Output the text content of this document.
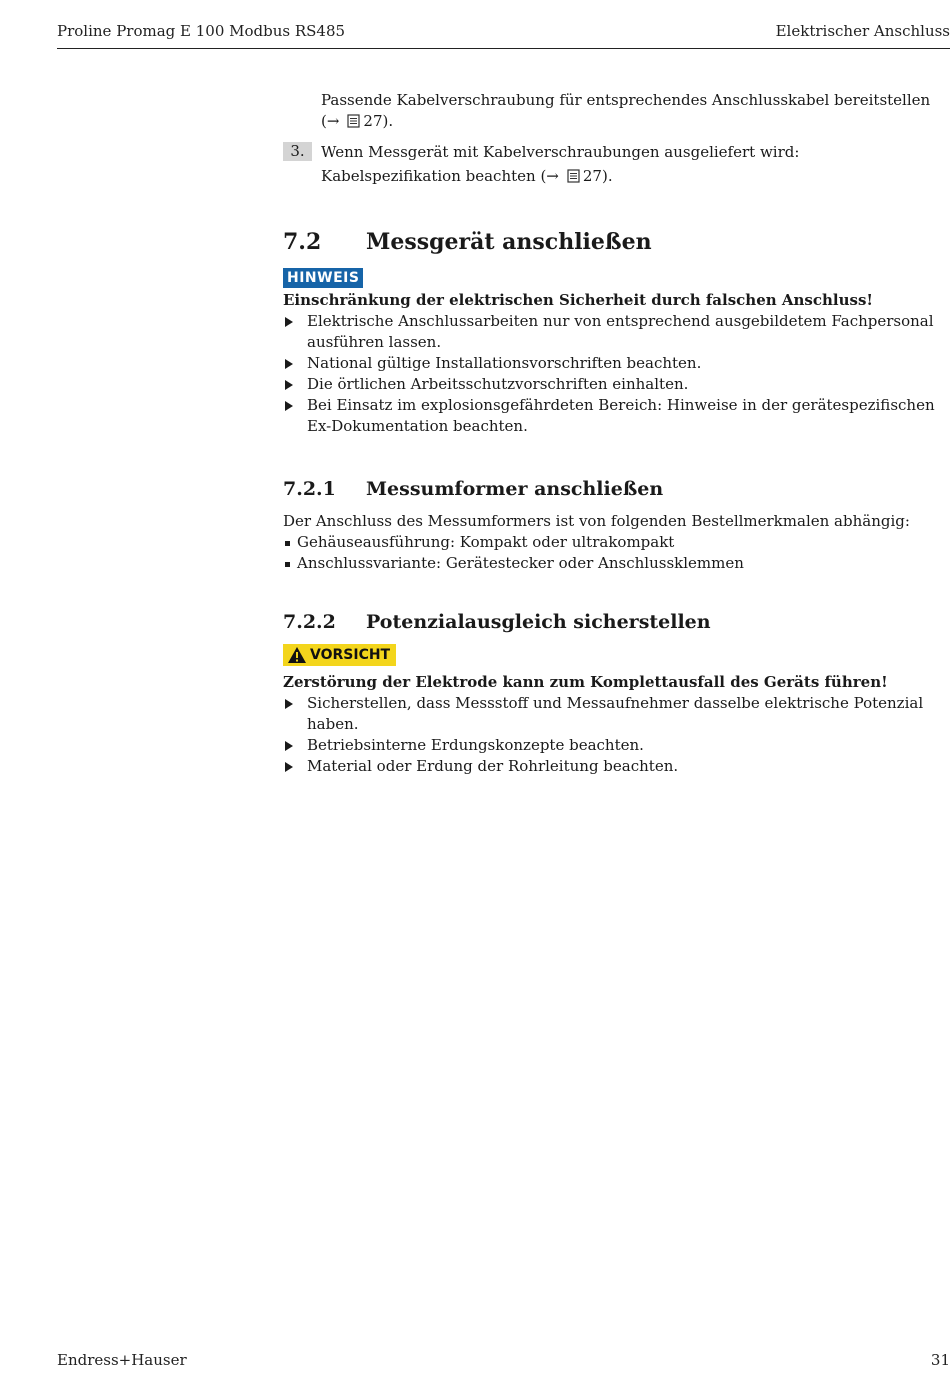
Proline Promag E 100 Modbus RS485	Elektrischer Anschluss
Passende Kabelverschraubung für entsprechendes Anschlusskabel bereitstellen
(→ 27).
3.	Wenn Messgerät mit Kabelverschraubungen ausgeliefert wird:
Kabelspezifikation beachten (→ 27).
7.2 Messgerät anschließen
HINWEIS
Einschränkung der elektrischen Sicherheit durch falschen Anschluss!
Elektrische Anschlussarbeiten nur von entsprechend ausgebildetem Fachpersonal ausführen lassen.
National gültige Installationsvorschriften beachten.
Die örtlichen Arbeitsschutzvorschriften einhalten.
Bei Einsatz im explosionsgefährdeten Bereich: Hinweise in der gerätespezifischen Ex-Dokumentation beachten.
7.2.1 Messumformer anschließen
Der Anschluss des Messumformers ist von folgenden Bestellmerkmalen abhängig:
Gehäuseausführung: Kompakt oder ultrakompakt
Anschlussvariante: Gerätestecker oder Anschlussklemmen
7.2.2 Potenzialausgleich sicherstellen
VORSICHT
Zerstörung der Elektrode kann zum Komplettausfall des Geräts führen!
Sicherstellen, dass Messstoff und Messaufnehmer dasselbe elektrische Potenzial haben.
Betriebsinterne Erdungskonzepte beachten.
Material oder Erdung der Rohrleitung beachten.
Endress+Hauser	31
